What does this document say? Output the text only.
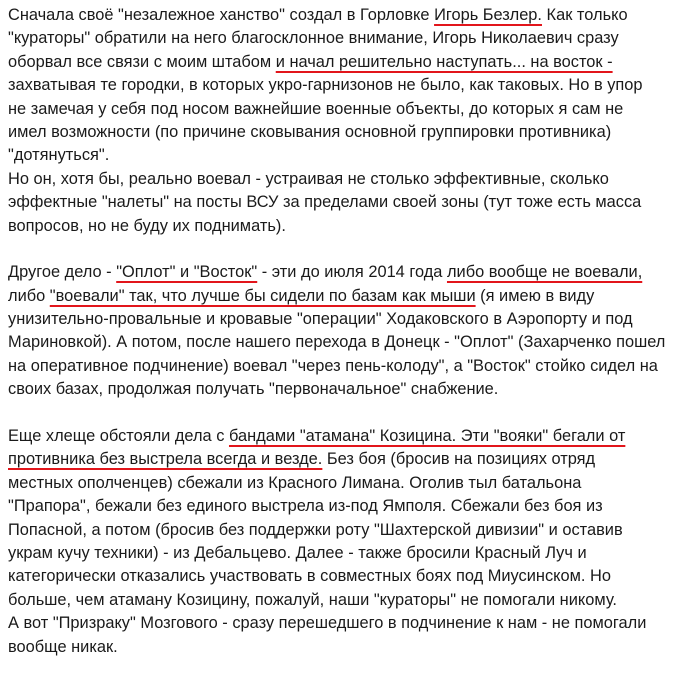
Сначала своё "незалежное ханство" создал в Горловке Игорь Безлер. Как только
"кураторы" обратили на него благосклонное внимание, Игорь Николаевич сразу
оборвал все связи с моим штабом и начал решительно наступать... на восток -
захватывая те городки, в которых укро-гарнизонов не было, как таковых. Но в упор
не замечая у себя под носом важнейшие военные объекты, до которых я сам не
имел возможности (по причине сковывания основной группировки противника)
"дотянуться".
Но он, хотя бы, реально воевал - устраивая не столько эффективные, сколько
эффектные "налеты" на посты ВСУ за пределами своей зоны (тут тоже есть масса
вопросов, но не буду их поднимать).
Другое дело - "Оплот" и "Восток" - эти до июля 2014 года либо вообще не воевали,
либо "воевали" так, что лучше бы сидели по базам как мыши (я имею в виду
унизительно-провальные и кровавые "операции" Ходаковского в Аэропорту и под
Мариновкой). А потом, после нашего перехода в Донецк - "Оплот" (Захарченко пошел
на оперативное подчинение) воевал "через пень-колоду", а "Восток" стойко сидел на
своих базах, продолжая получать "первоначальное" снабжение.
Еще хлеще обстояли дела с бандами "атамана" Козицина. Эти "вояки" бегали от
противника без выстрела всегда и везде. Без боя (бросив на позициях отряд
местных ополченцев) сбежали из Красного Лимана. Оголив тыл батальона
"Прапора", бежали без единого выстрела из-под Ямполя. Сбежали без боя из
Попасной, а потом (бросив без поддержки роту "Шахтерской дивизии" и оставив
украм кучу техники) - из Дебальцево. Далее - также бросили Красный Луч и
категорически отказались участвовать в совместных боях под Миусинском. Но
больше, чем атаману Козицину, пожалуй, наши "кураторы" не помогали никому.
А вот "Призраку" Мозгового - сразу перешедшего в подчинение к нам - не помогали
вообще никак.
